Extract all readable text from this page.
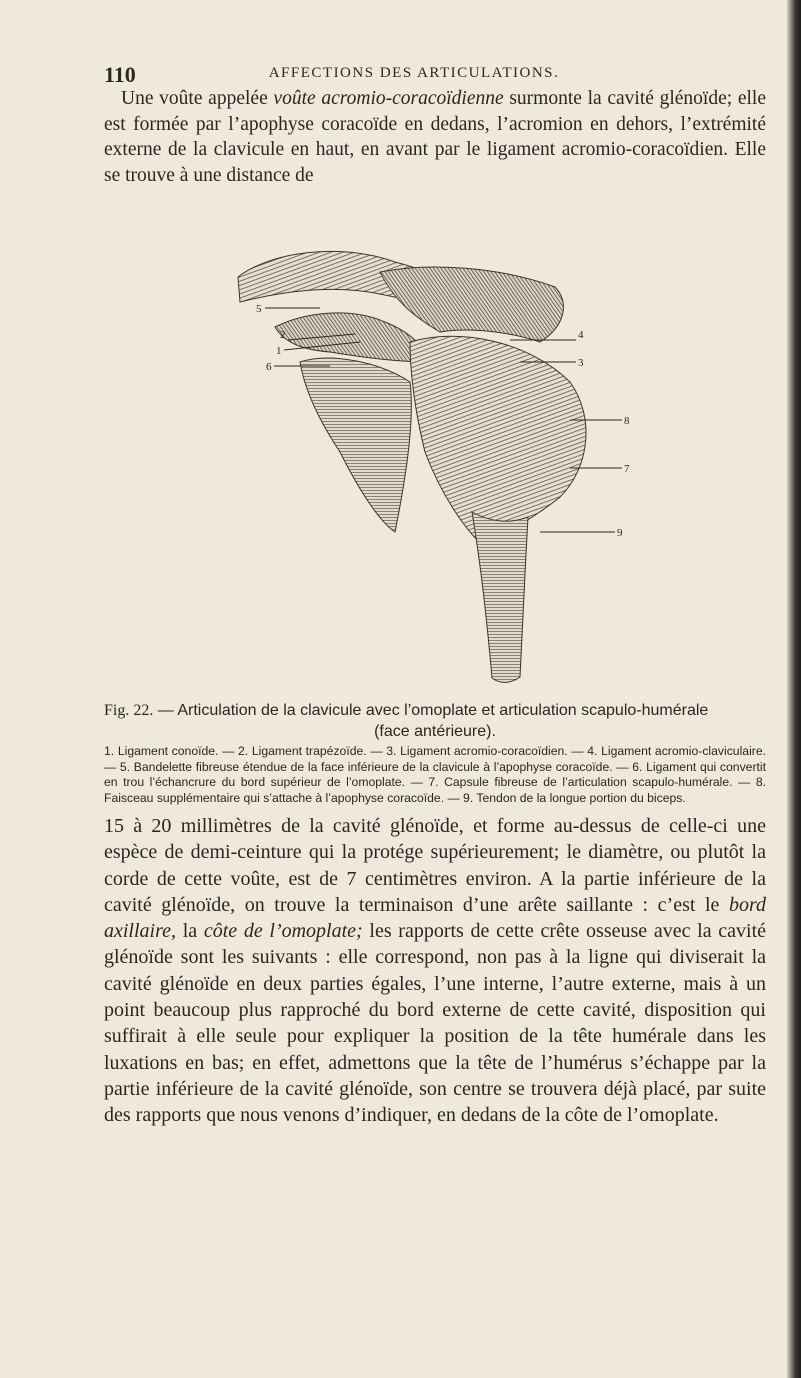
110	AFFECTIONS DES ARTICULATIONS.

Une voûte appelée voûte acromio-coracoïdienne surmonte la cavité glénoïde; elle est formée par l’apophyse coracoïde en dedans, l’acromion en dehors, l’extrémité externe de la clavicule en haut, en avant par le ligament acromio-coracoïdien. Elle se trouve à une distance de

5
2
1
6
4
3
8
7
9
Fig. 22. — Articulation de la clavicule avec l’omoplate et articulation scapulo-humérale
(face antérieure).

1. Ligament conoïde. — 2. Ligament trapézoïde. — 3. Ligament acromio-coracoïdien. — 4. Ligament acromio-claviculaire. — 5. Bandelette fibreuse étendue de la face inférieure de la clavicule à l’apophyse coracoïde. — 6. Ligament qui convertit en trou l’échancrure du bord supérieur de l’omoplate. — 7. Capsule fibreuse de l’articulation scapulo-humérale. — 8. Faisceau supplémentaire qui s’attache à l’apophyse coracoïde. — 9. Tendon de la longue portion du biceps.

15 à 20 millimètres de la cavité glénoïde, et forme au-dessus de celle-ci une espèce de demi-ceinture qui la protége supérieurement; le diamètre, ou plutôt la corde de cette voûte, est de 7 centimètres environ. A la partie inférieure de la cavité glénoïde, on trouve la terminaison d’une arête saillante : c’est le bord axillaire, la côte de l’omoplate; les rapports de cette crête osseuse avec la cavité glénoïde sont les suivants : elle correspond, non pas à la ligne qui diviserait la cavité glénoïde en deux parties égales, l’une interne, l’autre externe, mais à un point beaucoup plus rapproché du bord externe de cette cavité, disposition qui suffirait à elle seule pour expliquer la position de la tête humérale dans les luxations en bas; en effet, admettons que la tête de l’humérus s’échappe par la partie inférieure de la cavité glénoïde, son centre se trouvera déjà placé, par suite des rapports que nous venons d’indiquer, en dedans de la côte de l’omoplate.
